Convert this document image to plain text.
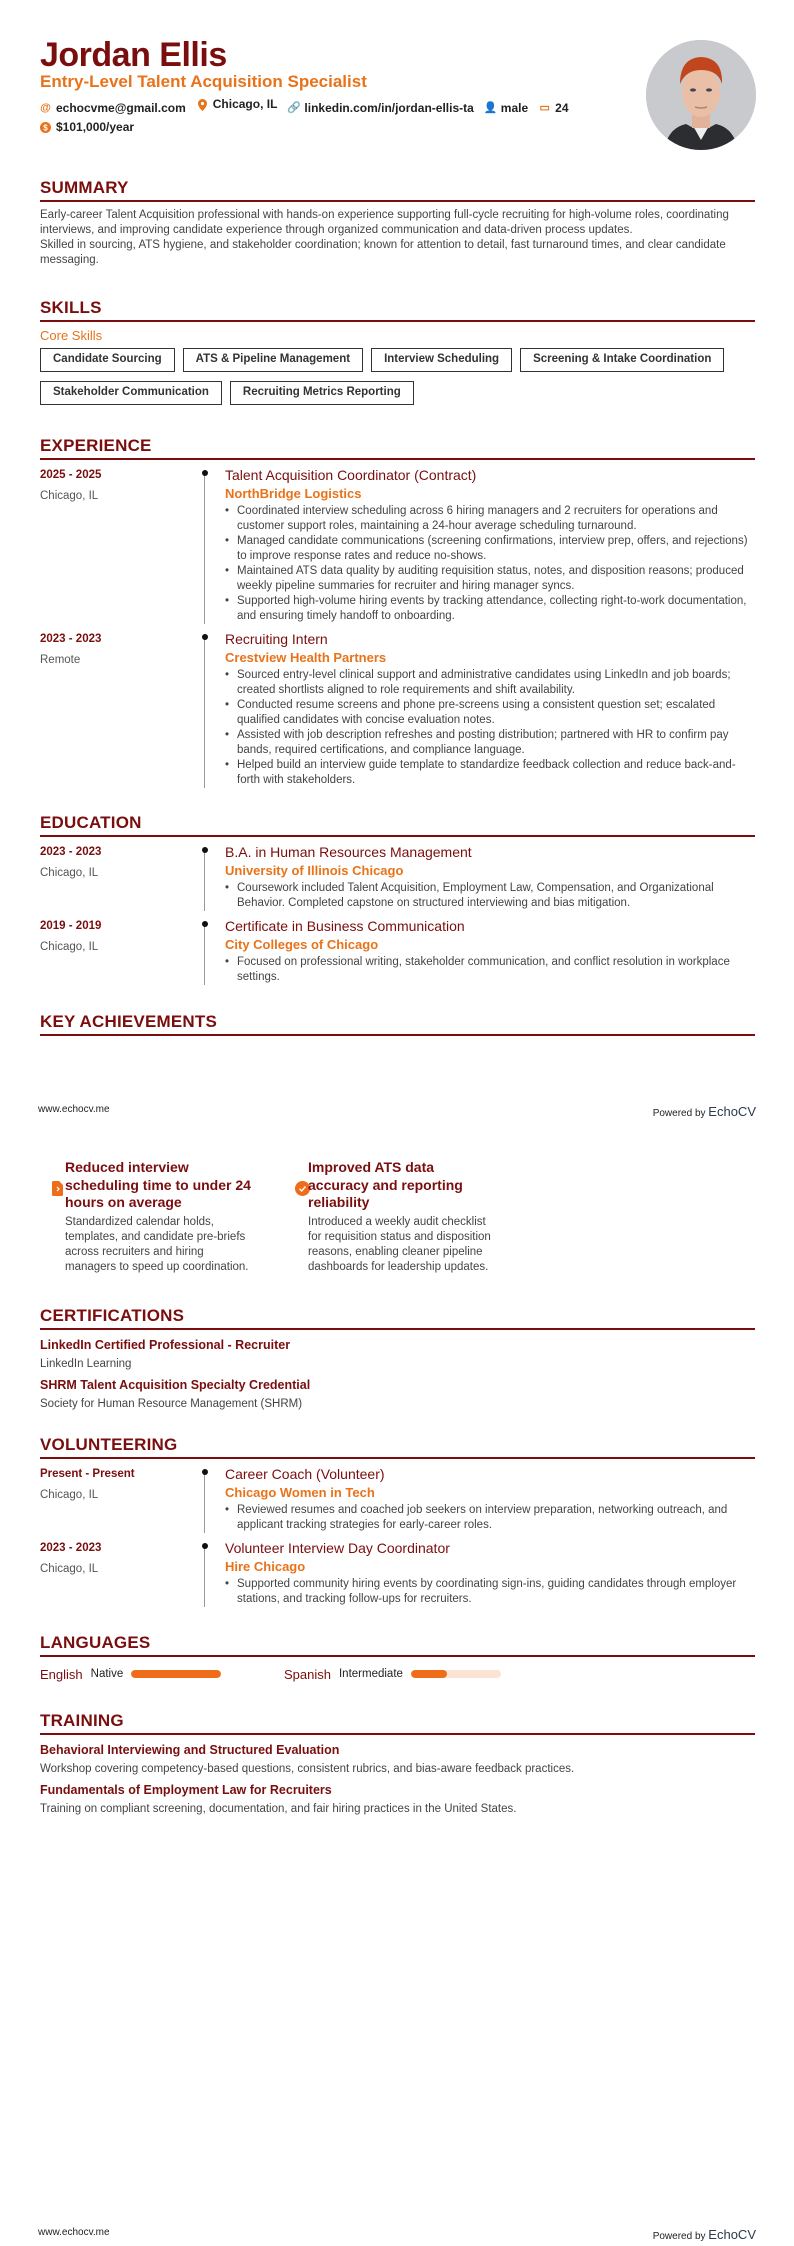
Jordan Ellis
Entry-Level Talent Acquisition Specialist
@ echocvme@gmail.com Chicago, IL 🔗 linkedin.com/in/jordan-ellis-ta 👤 male ▭ 24

$ $101,000/year
SUMMARY

Early-career Talent Acquisition professional with hands-on experience supporting full-cycle recruiting for high-volume roles, coordinating interviews, and improving candidate experience through organized communication and data-driven process updates.

Skilled in sourcing, ATS hygiene, and stakeholder coordination; known for attention to detail, fast turnaround times, and clear candidate messaging.

SKILLS
Core Skills
Candidate Sourcing	ATS & Pipeline Management	Interview Scheduling	Screening & Intake Coordination
Stakeholder Communication	Recruiting Metrics Reporting
EXPERIENCE
2025 - 2025
Chicago, IL
Talent Acquisition Coordinator (Contract)
NorthBridge Logistics
• Coordinated interview scheduling across 6 hiring managers and 2 recruiters for operations and customer support roles, maintaining a 24-hour average scheduling turnaround.
• Managed candidate communications (screening confirmations, interview prep, offers, and rejections) to improve response rates and reduce no-shows.
• Maintained ATS data quality by auditing requisition status, notes, and disposition reasons; produced weekly pipeline summaries for recruiter and hiring manager syncs.
• Supported high-volume hiring events by tracking attendance, collecting right-to-work documentation, and ensuring timely handoff to onboarding.
2023 - 2023
Remote
Recruiting Intern
Crestview Health Partners
• Sourced entry-level clinical support and administrative candidates using LinkedIn and job boards; created shortlists aligned to role requirements and shift availability.
• Conducted resume screens and phone pre-screens using a consistent question set; escalated qualified candidates with concise evaluation notes.
• Assisted with job description refreshes and posting distribution; partnered with HR to confirm pay bands, required certifications, and compliance language.
• Helped build an interview guide template to standardize feedback collection and reduce back-and-forth with stakeholders.
EDUCATION
2023 - 2023
Chicago, IL
B.A. in Human Resources Management
University of Illinois Chicago
• Coursework included Talent Acquisition, Employment Law, Compensation, and Organizational Behavior. Completed capstone on structured interviewing and bias mitigation.
2019 - 2019
Chicago, IL
Certificate in Business Communication
City Colleges of Chicago
• Focused on professional writing, stakeholder communication, and conflict resolution in workplace settings.
KEY ACHIEVEMENTS
www.echocv.me	Powered by EchoCV
Reduced interview scheduling time to under 24 hours on average
Standardized calendar holds, templates, and candidate pre-briefs across recruiters and hiring managers to speed up coordination.
Improved ATS data accuracy and reporting reliability
Introduced a weekly audit checklist for requisition status and disposition reasons, enabling cleaner pipeline dashboards for leadership updates.
CERTIFICATIONS
LinkedIn Certified Professional - Recruiter
LinkedIn Learning
SHRM Talent Acquisition Specialty Credential
Society for Human Resource Management (SHRM)
VOLUNTEERING
Present - Present
Chicago, IL
Career Coach (Volunteer)
Chicago Women in Tech
• Reviewed resumes and coached job seekers on interview preparation, networking outreach, and applicant tracking strategies for early-career roles.
2023 - 2023
Chicago, IL
Volunteer Interview Day Coordinator
Hire Chicago
• Supported community hiring events by coordinating sign-ins, guiding candidates through employer stations, and tracking follow-ups for recruiters.
LANGUAGES
English Native	Spanish Intermediate
TRAINING
Behavioral Interviewing and Structured Evaluation
Workshop covering competency-based questions, consistent rubrics, and bias-aware feedback practices.
Fundamentals of Employment Law for Recruiters
Training on compliant screening, documentation, and fair hiring practices in the United States.
www.echocv.me	Powered by EchoCV
